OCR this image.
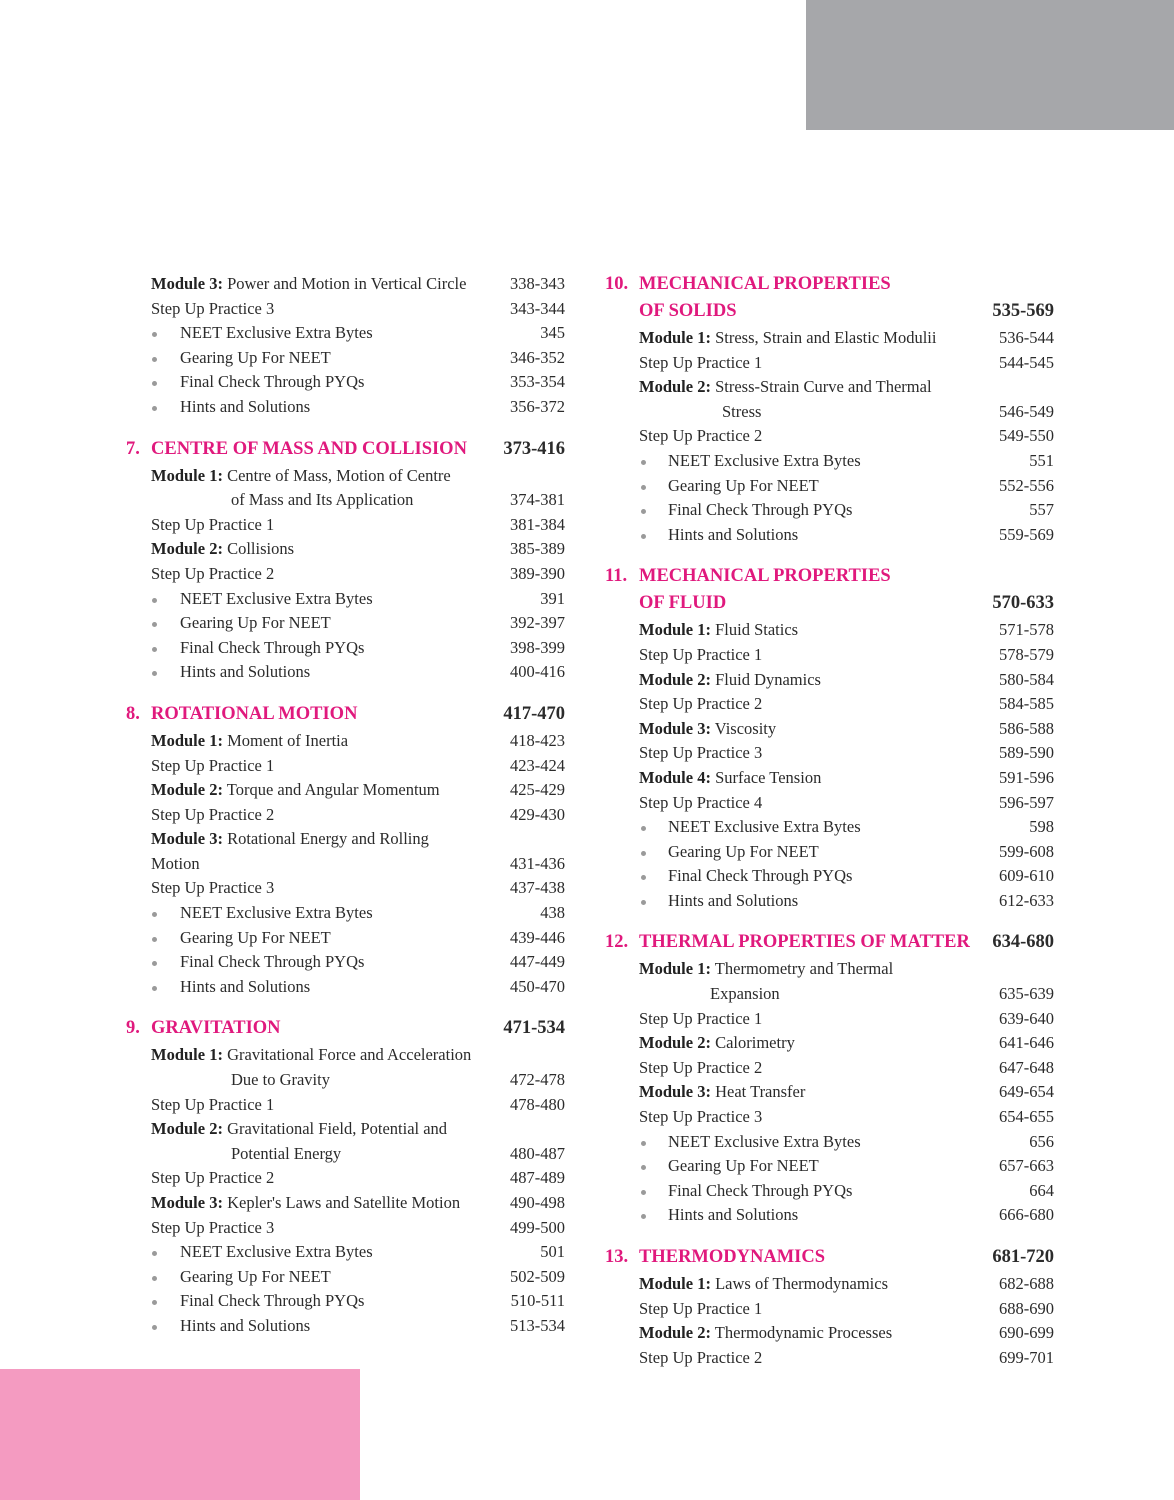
Module 3: Power and Motion in Vertical Circle	338-343
Step Up Practice 3	343-344
NEET Exclusive Extra Bytes	345
Gearing Up For NEET	346-352
Final Check Through PYQs	353-354
Hints and Solutions	356-372
7. CENTRE OF MASS AND COLLISION 373-416
Module 1: Centre of Mass, Motion of Centre
of Mass and Its Application	374-381
Step Up Practice 1	381-384
Module 2: Collisions	385-389
Step Up Practice 2	389-390
NEET Exclusive Extra Bytes	391
Gearing Up For NEET	392-397
Final Check Through PYQs	398-399
Hints and Solutions	400-416
8. ROTATIONAL MOTION	417-470
Module 1: Moment of Inertia	418-423
Step Up Practice 1	423-424
Module 2: Torque and Angular Momentum	425-429
Step Up Practice 2	429-430
Module 3: Rotational Energy and Rolling
Motion	431-436
Step Up Practice 3	437-438
NEET Exclusive Extra Bytes	438
Gearing Up For NEET	439-446
Final Check Through PYQs	447-449
Hints and Solutions	450-470
9. GRAVITATION	471-534
Module 1: Gravitational Force and Acceleration
Due to Gravity	472-478
Step Up Practice 1	478-480
Module 2: Gravitational Field, Potential and
Potential Energy	480-487
Step Up Practice 2	487-489
Module 3: Kepler's Laws and Satellite Motion	490-498
Step Up Practice 3	499-500
NEET Exclusive Extra Bytes	501
Gearing Up For NEET	502-509
Final Check Through PYQs	510-511
Hints and Solutions	513-534
10. MECHANICAL PROPERTIES
OF SOLIDS	535-569
Module 1: Stress, Strain and Elastic Modulii	536-544
Step Up Practice 1	544-545
Module 2: Stress-Strain Curve and Thermal
Stress	546-549
Step Up Practice 2	549-550
NEET Exclusive Extra Bytes	551
Gearing Up For NEET	552-556
Final Check Through PYQs	557
Hints and Solutions	559-569
11. MECHANICAL PROPERTIES
OF FLUID	570-633
Module 1: Fluid Statics	571-578
Step Up Practice 1	578-579
Module 2: Fluid Dynamics	580-584
Step Up Practice 2	584-585
Module 3: Viscosity	586-588
Step Up Practice 3	589-590
Module 4: Surface Tension	591-596
Step Up Practice 4	596-597
NEET Exclusive Extra Bytes	598
Gearing Up For NEET	599-608
Final Check Through PYQs	609-610
Hints and Solutions	612-633
12. THERMAL PROPERTIES OF MATTER 634-680
Module 1: Thermometry and Thermal
Expansion	635-639
Step Up Practice 1	639-640
Module 2: Calorimetry	641-646
Step Up Practice 2	647-648
Module 3: Heat Transfer	649-654
Step Up Practice 3	654-655
NEET Exclusive Extra Bytes	656
Gearing Up For NEET	657-663
Final Check Through PYQs	664
Hints and Solutions	666-680
13. THERMODYNAMICS	681-720
Module 1: Laws of Thermodynamics	682-688
Step Up Practice 1	688-690
Module 2: Thermodynamic Processes	690-699
Step Up Practice 2	699-701
